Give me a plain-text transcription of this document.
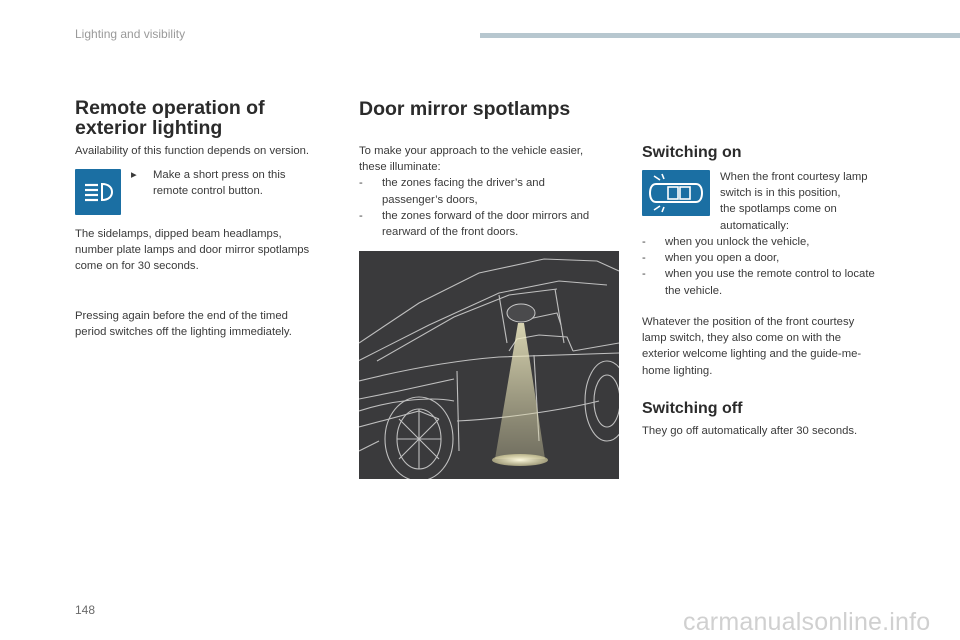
Lighting and visibility
Remote operation of
exterior lighting
Availability of this function depends on version.
▸ Make a short press on this
remote control button.
The sidelamps, dipped beam headlamps,
number plate lamps and door mirror spotlamps
come on for 30 seconds.
Pressing again before the end of the timed
period switches off the lighting immediately.
Door mirror spotlamps
To make your approach to the vehicle easier,
these illuminate:
-	the zones facing the driver’s and
passenger’s doors,
-	the zones forward of the door mirrors and
rearward of the front doors.
Switching on
When the front courtesy lamp
switch is in this position,
the spotlamps come on
automatically:
-	when you unlock the vehicle,
-	when you open a door,
-	when you use the remote control to locate
the vehicle.
Whatever the position of the front courtesy
lamp switch, they also come on with the
exterior welcome lighting and the guide-me-
home lighting.
Switching off
They go off automatically after 30 seconds.
148	carmanualsonline.info
